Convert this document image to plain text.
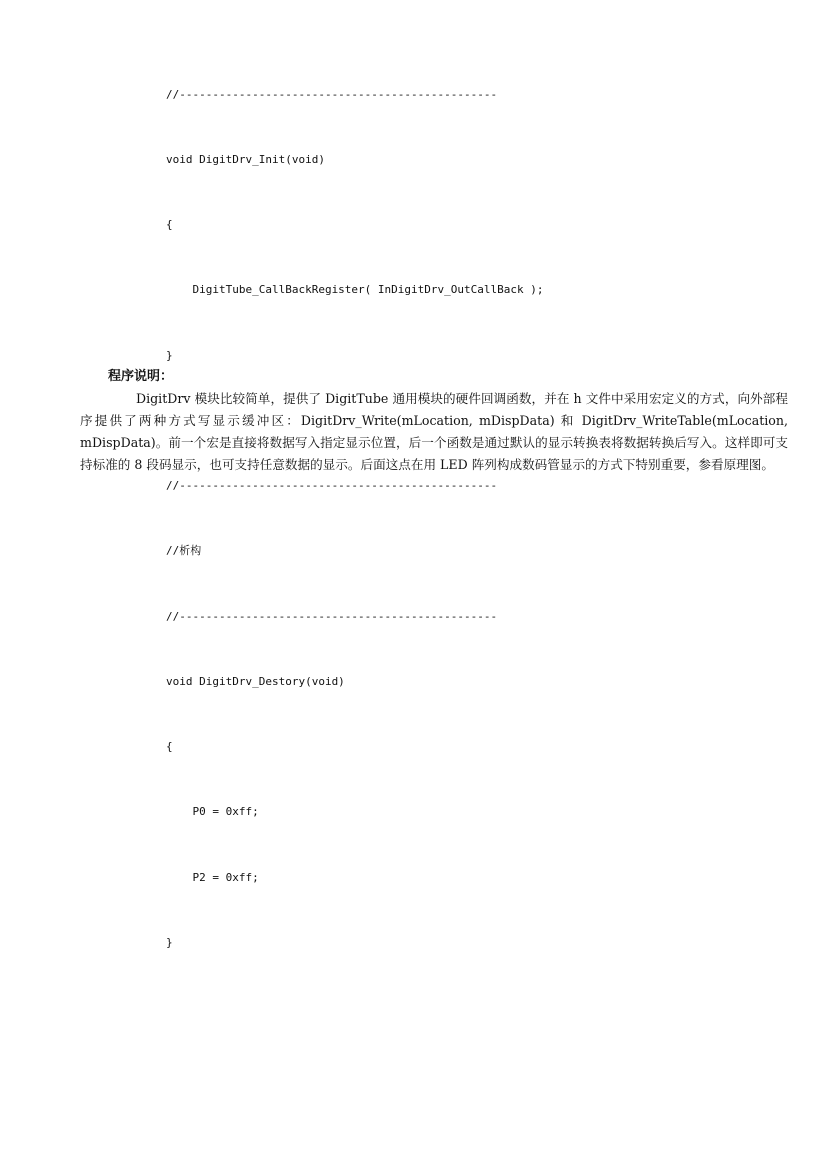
//------------------------------------------------

void DigitDrv_Init(void)

{

DigitTube_CallBackRegister( InDigitDrv_OutCallBack );

}

//------------------------------------------------

//析构

//------------------------------------------------

void DigitDrv_Destory(void)

{

P0 = 0xff;

P2 = 0xff;

}

程序说明：

DigitDrv 模块比较简单，提供了 DigitTube 通用模块的硬件回调函数，并在 h 文件中采用宏定义的方式，向外部程序提供了两种方式写显示缓冲区：DigitDrv_Write(mLocation, mDispData) 和 DigitDrv_WriteTable(mLocation, mDispData)。前一个宏是直接将数据写入指定显示位置，后一个函数是通过默认的显示转换表将数据转换后写入。这样即可支持标准的 8 段码显示，也可支持任意数据的显示。后面这点在用 LED 阵列构成数码管显示的方式下特别重要，参看原理图。
